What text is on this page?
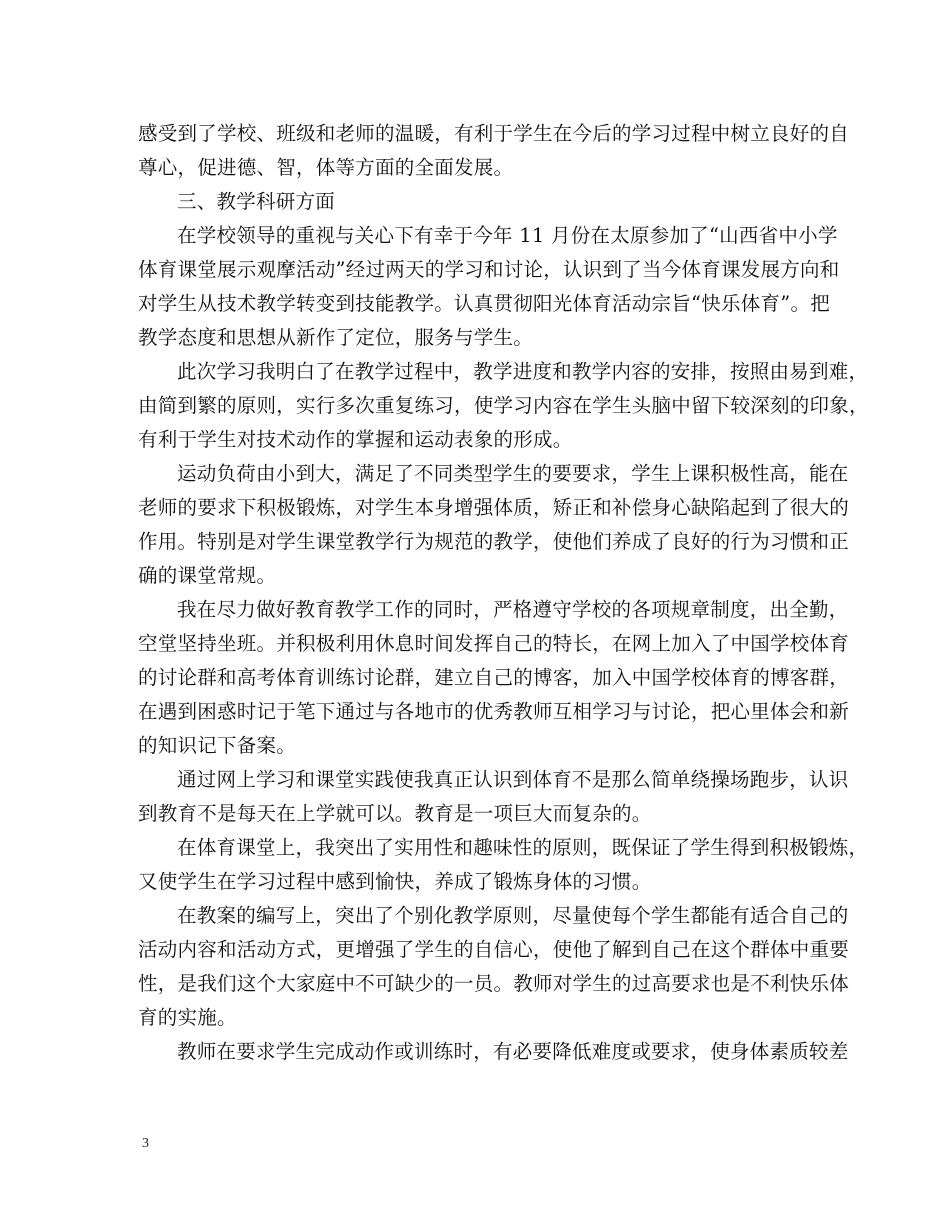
感受到了学校、班级和老师的温暖，有利于学生在今后的学习过程中树立良好的自
尊心，促进德、智，体等方面的全面发展。
三、教学科研方面
在学校领导的重视与关心下有幸于今年 11 月份在太原参加了“山西省中小学
体育课堂展示观摩活动”经过两天的学习和讨论，认识到了当今体育课发展方向和
对学生从技术教学转变到技能教学。认真贯彻阳光体育活动宗旨“快乐体育”。把
教学态度和思想从新作了定位，服务与学生。
此次学习我明白了在教学过程中，教学进度和教学内容的安排，按照由易到难，
由简到繁的原则，实行多次重复练习，使学习内容在学生头脑中留下较深刻的印象，
有利于学生对技术动作的掌握和运动表象的形成。
运动负荷由小到大，满足了不同类型学生的要要求，学生上课积极性高，能在
老师的要求下积极锻炼，对学生本身增强体质，矫正和补偿身心缺陷起到了很大的
作用。特别是对学生课堂教学行为规范的教学，使他们养成了良好的行为习惯和正
确的课堂常规。
我在尽力做好教育教学工作的同时，严格遵守学校的各项规章制度，出全勤，
空堂坚持坐班。并积极利用休息时间发挥自己的特长，在网上加入了中国学校体育
的讨论群和高考体育训练讨论群，建立自己的博客，加入中国学校体育的博客群，
在遇到困惑时记于笔下通过与各地市的优秀教师互相学习与讨论，把心里体会和新
的知识记下备案。
通过网上学习和课堂实践使我真正认识到体育不是那么简单绕操场跑步，认识
到教育不是每天在上学就可以。教育是一项巨大而复杂的。
在体育课堂上，我突出了实用性和趣味性的原则，既保证了学生得到积极锻炼，
又使学生在学习过程中感到愉快，养成了锻炼身体的习惯。
在教案的编写上，突出了个别化教学原则，尽量使每个学生都能有适合自己的
活动内容和活动方式，更增强了学生的自信心，使他了解到自己在这个群体中重要
性，是我们这个大家庭中不可缺少的一员。教师对学生的过高要求也是不利快乐体
育的实施。
教师在要求学生完成动作或训练时，有必要降低难度或要求，使身体素质较差
3
